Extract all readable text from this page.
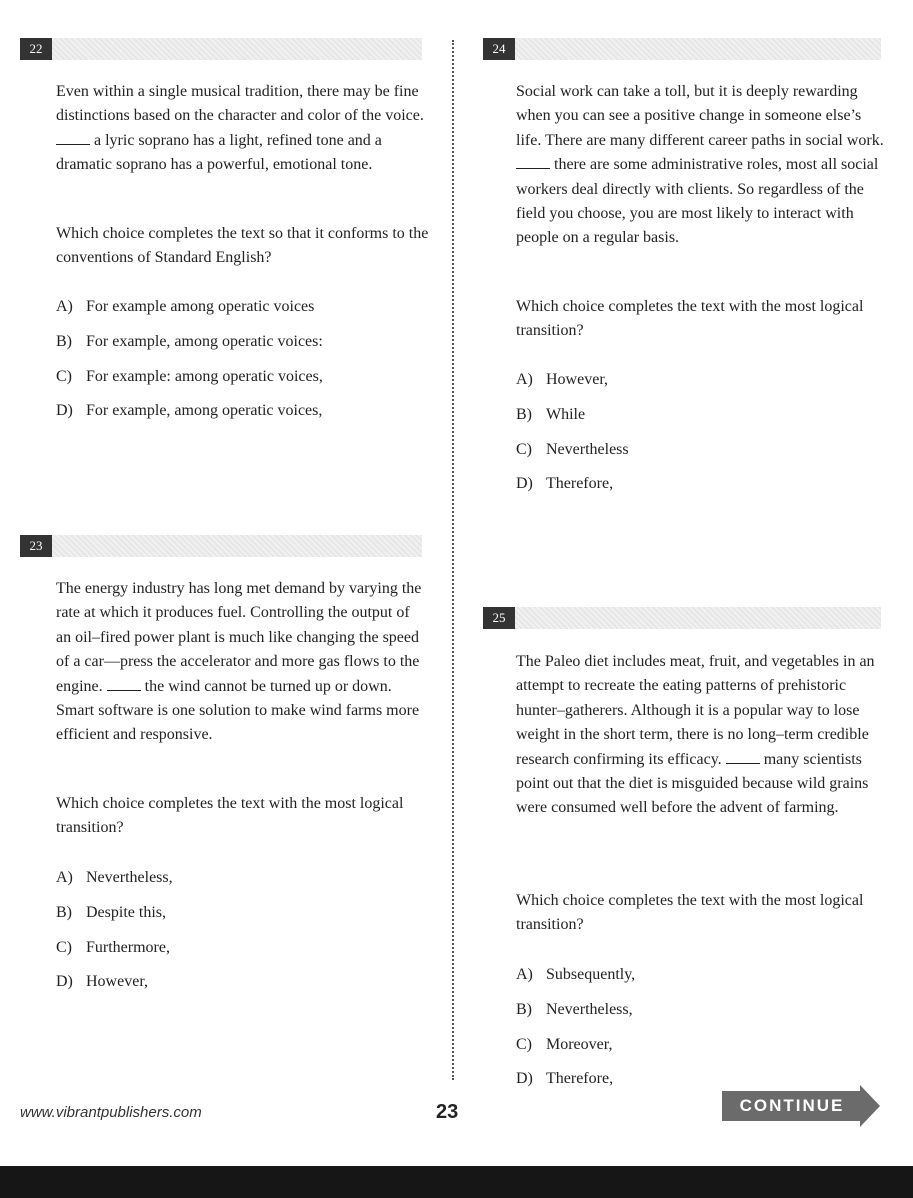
22

Even within a single musical tradition, there may be fine distinctions based on the character and color of the voice.  a lyric soprano has a light, refined tone and a dramatic soprano has a powerful, emotional tone.

Which choice completes the text so that it conforms to the conventions of Standard English?

A) For example among operatic voices
B) For example, among operatic voices:
C) For example: among operatic voices,
D) For example, among operatic voices,
23

The energy industry has long met demand by varying the rate at which it produces fuel. Controlling the output of an oil–fired power plant is much like changing the speed of a car—press the accelerator and more gas flows to the engine.	the wind cannot be turned up or down. Smart software is one solution to make wind farms more efficient and responsive.

Which choice completes the text with the most logical transition?

A) Nevertheless,
B) Despite this,
C) Furthermore,
D) However,
24

Social work can take a toll, but it is deeply rewarding when you can see a positive change in someone else’s life. There are many different career paths in social work.  there are some administrative roles, most all social workers deal directly with clients. So regardless of the field you choose, you are most likely to interact with people on a regular basis.

Which choice completes the text with the most logical transition?

A) However,
B) While
C) Nevertheless
D) Therefore,
25

The Paleo diet includes meat, fruit, and vegetables in an attempt to recreate the eating patterns of prehistoric hunter–gatherers. Although it is a popular way to lose weight in the short term, there is no long–term credible research confirming its efficacy.	many scientists point out that the diet is misguided because wild grains were consumed well before the advent of farming.

Which choice completes the text with the most logical transition?

A) Subsequently,
B) Nevertheless,
C) Moreover,
D) Therefore,
www.vibrantpublishers.com	23	CONTINUE
